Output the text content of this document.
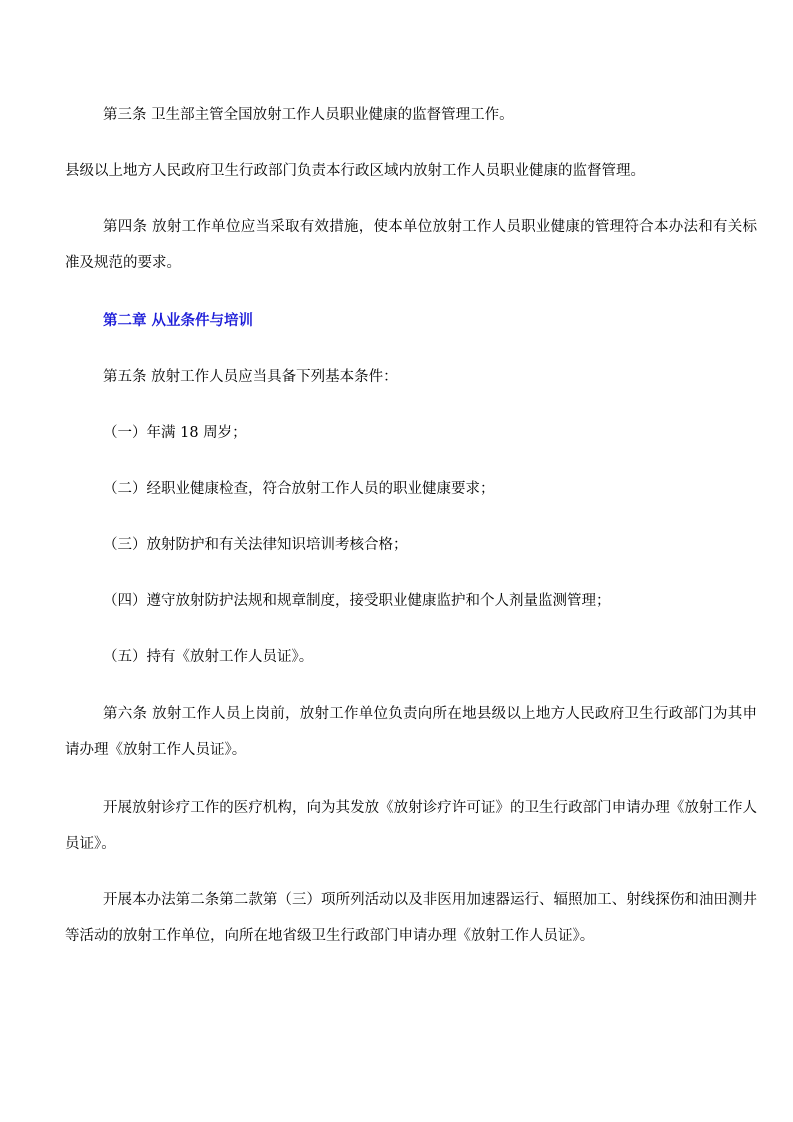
第三条 卫生部主管全国放射工作人员职业健康的监督管理工作。

县级以上地方人民政府卫生行政部门负责本行政区域内放射工作人员职业健康的监督管理。

第四条 放射工作单位应当采取有效措施，使本单位放射工作人员职业健康的管理符合本办法和有关标准及规范的要求。

第二章 从业条件与培训

第五条 放射工作人员应当具备下列基本条件：

（一）年满 18 周岁；

（二）经职业健康检查，符合放射工作人员的职业健康要求；

（三）放射防护和有关法律知识培训考核合格；

（四）遵守放射防护法规和规章制度，接受职业健康监护和个人剂量监测管理；

（五）持有《放射工作人员证》。

第六条 放射工作人员上岗前，放射工作单位负责向所在地县级以上地方人民政府卫生行政部门为其申请办理《放射工作人员证》。

开展放射诊疗工作的医疗机构，向为其发放《放射诊疗许可证》的卫生行政部门申请办理《放射工作人员证》。

开展本办法第二条第二款第（三）项所列活动以及非医用加速器运行、辐照加工、射线探伤和油田测井等活动的放射工作单位，向所在地省级卫生行政部门申请办理《放射工作人员证》。
